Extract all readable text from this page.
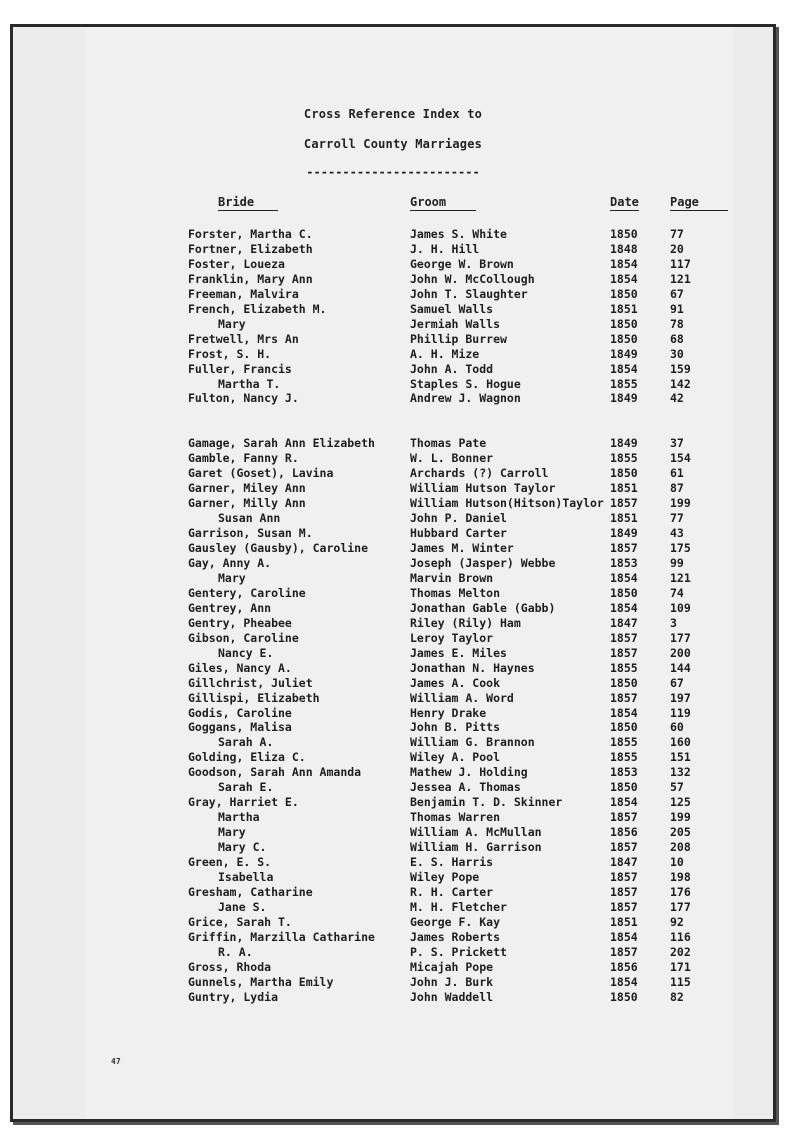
Cross Reference Index to
Carroll County Marriages
------------------------
Bride	Groom	Date	Page
Forster, Martha C.	James S. White	1850	77
Fortner, Elizabeth	J. H. Hill	1848	20
Foster, Loueza	George W. Brown	1854	117
Franklin, Mary Ann	John W. McCollough	1854	121
Freeman, Malvira	John T. Slaughter	1850	67
French, Elizabeth M.	Samuel Walls	1851	91
Mary	Jermiah Walls	1850	78
Fretwell, Mrs An	Phillip Burrew	1850	68
Frost, S. H.	A. H. Mize	1849	30
Fuller, Francis	John A. Todd	1854	159
Martha T.	Staples S. Hogue	1855	142
Fulton, Nancy J.	Andrew J. Wagnon	1849	42
Gamage, Sarah Ann Elizabeth	Thomas Pate	1849	37
Gamble, Fanny R.	W. L. Bonner	1855	154
Garet (Goset), Lavina	Archards (?) Carroll	1850	61
Garner, Miley Ann	William Hutson Taylor	1851	87
Garner, Milly Ann	William Hutson(Hitson)Taylor 1857	199
Susan Ann	John P. Daniel	1851	77
Garrison, Susan M.	Hubbard Carter	1849	43
Gausley (Gausby), Caroline	James M. Winter	1857	175
Gay, Anny A.	Joseph (Jasper) Webbe	1853	99
Mary	Marvin Brown	1854	121
Gentery, Caroline	Thomas Melton	1850	74
Gentrey, Ann	Jonathan Gable (Gabb)	1854	109
Gentry, Pheabee	Riley (Rily) Ham	1847	3
Gibson, Caroline	Leroy Taylor	1857	177
Nancy E.	James E. Miles	1857	200
Giles, Nancy A.	Jonathan N. Haynes	1855	144
Gillchrist, Juliet	James A. Cook	1850	67
Gillispi, Elizabeth	William A. Word	1857	197
Godis, Caroline	Henry Drake	1854	119
Goggans, Malisa	John B. Pitts	1850	60
Sarah A.	William G. Brannon	1855	160
Golding, Eliza C.	Wiley A. Pool	1855	151
Goodson, Sarah Ann Amanda	Mathew J. Holding	1853	132
Sarah E.	Jessea A. Thomas	1850	57
Gray, Harriet E.	Benjamin T. D. Skinner	1854	125
Martha	Thomas Warren	1857	199
Mary	William A. McMullan	1856	205
Mary C.	William H. Garrison	1857	208
Green, E. S.	E. S. Harris	1847	10
Isabella	Wiley Pope	1857	198
Gresham, Catharine	R. H. Carter	1857	176
Jane S.	M. H. Fletcher	1857	177
Grice, Sarah T.	George F. Kay	1851	92
Griffin, Marzilla Catharine	James Roberts	1854	116
R. A.	P. S. Prickett	1857	202
Gross, Rhoda	Micajah Pope	1856	171
Gunnels, Martha Emily	John J. Burk	1854	115
Guntry, Lydia	John Waddell	1850	82
47
